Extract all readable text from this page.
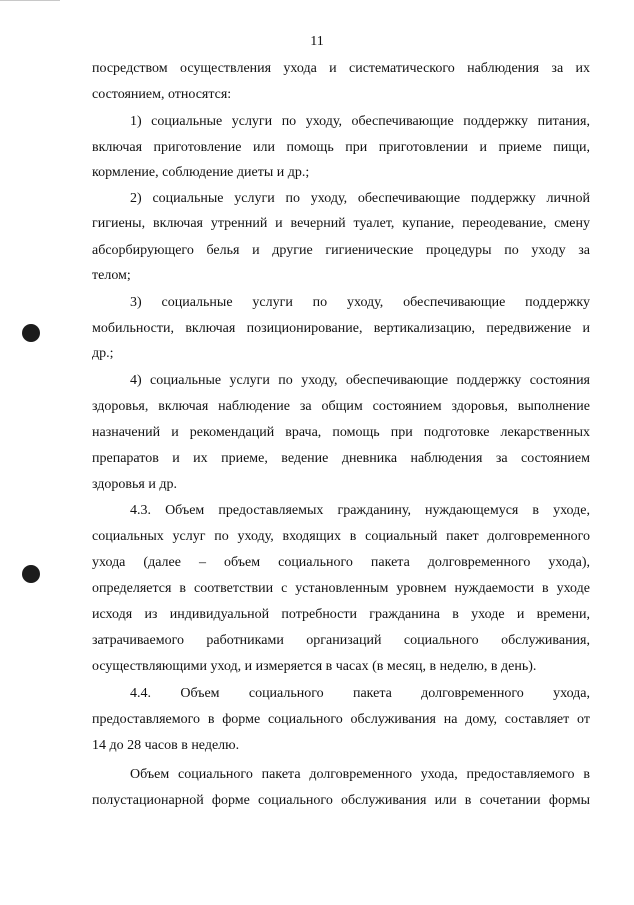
11
посредством осуществления ухода и систематического наблюдения за их
состоянием, относятся:
1) социальные услуги по уходу, обеспечивающие поддержку питания,
включая приготовление или помощь при приготовлении и приеме пищи,
кормление, соблюдение диеты и др.;
2) социальные услуги по уходу, обеспечивающие поддержку личной
гигиены, включая утренний и вечерний туалет, купание, переодевание, смену
абсорбирующего белья и другие гигиенические процедуры по уходу за
телом;
3) социальные услуги по уходу, обеспечивающие поддержку
мобильности, включая позиционирование, вертикализацию, передвижение и
др.;
4) социальные услуги по уходу, обеспечивающие поддержку состояния
здоровья, включая наблюдение за общим состоянием здоровья, выполнение
назначений и рекомендаций врача, помощь при подготовке лекарственных
препаратов и их приеме, ведение дневника наблюдения за состоянием
здоровья и др.
4.3. Объем предоставляемых гражданину, нуждающемуся в уходе,
социальных услуг по уходу, входящих в социальный пакет долговременного
ухода (далее – объем социального пакета долговременного ухода),
определяется в соответствии с установленным уровнем нуждаемости в уходе
исходя из индивидуальной потребности гражданина в уходе и времени,
затрачиваемого работниками организаций социального обслуживания,
осуществляющими уход, и измеряется в часах (в месяц, в неделю, в день).
4.4. Объем социального пакета долговременного ухода,
предоставляемого в форме социального обслуживания на дому, составляет от
14 до 28 часов в неделю.
Объем социального пакета долговременного ухода, предоставляемого в
полустационарной форме социального обслуживания или в сочетании формы
